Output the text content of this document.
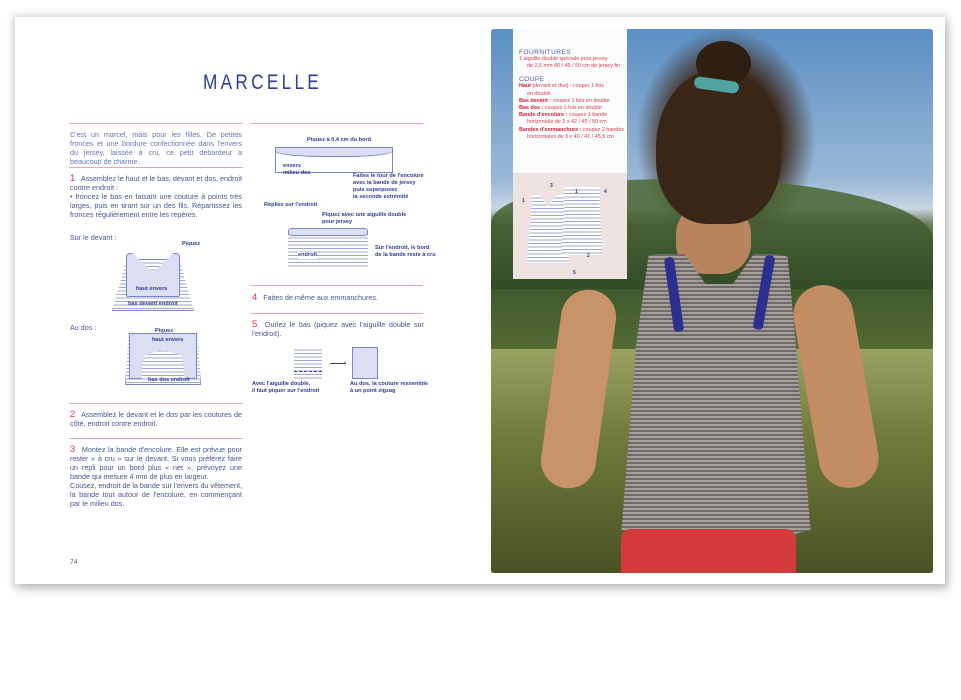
MARCELLE
C'est un marcel, mais pour les filles. De petites fronces et une bordure confectionnée dans l'envers du jersey, laissée à cru, ce petit débardeur a beaucoup de charme.
1 Assemblez le haut et le bas, devant et dos, endroit contre endroit :
• froncez le bas en faisant une couture à points très larges, puis en tirant sur un des fils. Répartissez les fronces régulièrement entre les repères.
Sur le devant :
Piquez
haut envers
bas devant endroit
Au dos :	Piquez
haut envers
bas dos endroit
2 Assemblez le devant et le dos par les coutures de côté, endroit contre endroit.
3 Montez la bande d'encolure. Elle est prévue pour rester « à cru » sur le devant. Si vous préférez faire un repli pour un bord plus « net », prévoyez une bande qui mesure 4 mm de plus en largeur.
Cousez, endroit de la bande sur l'envers du vêtement, la bande tout autour de l'encolure, en commençant par le milieu dos.
Piquez à 0,4 cm du bord
envers
milieu dos	Faites le tour de l'encolure
avec la bande de jersey
puis superposez
la seconde extrémité
Repliez sur l'endroit
Piquez avec une aiguille double
pour jersey
endroit
Sur l'endroit, le bord
de la bande reste à cru
4 Faites de même aux emmanchures.
5 Ourlez le bas (piquez avec l'aiguille double sur l'endroit).
›
Avec l'aiguille double,
il faut piquer sur l'endroit
Au dos, la couture ressemble
à un point zigzag
74
FOURNITURES
1 aiguille double spéciale pour jersey
de 2,5 mm 40 / 45 / 50 cm de jersey fin
COUPE
Haut (devant et dos) : couper 1 fois
en double
Bas devant : coupez 1 fois en double
Bas dos : coupez 1 fois en double
Bande d'encolure : coupez 1 bande
horizontale de 3 x 42 / 45 / 50 cm
Bandes d'emmanchure : coupez 2 bandes
horizontales de 3 x 40 / 41 / 45,5 cm
1
3
1	4
2
5
